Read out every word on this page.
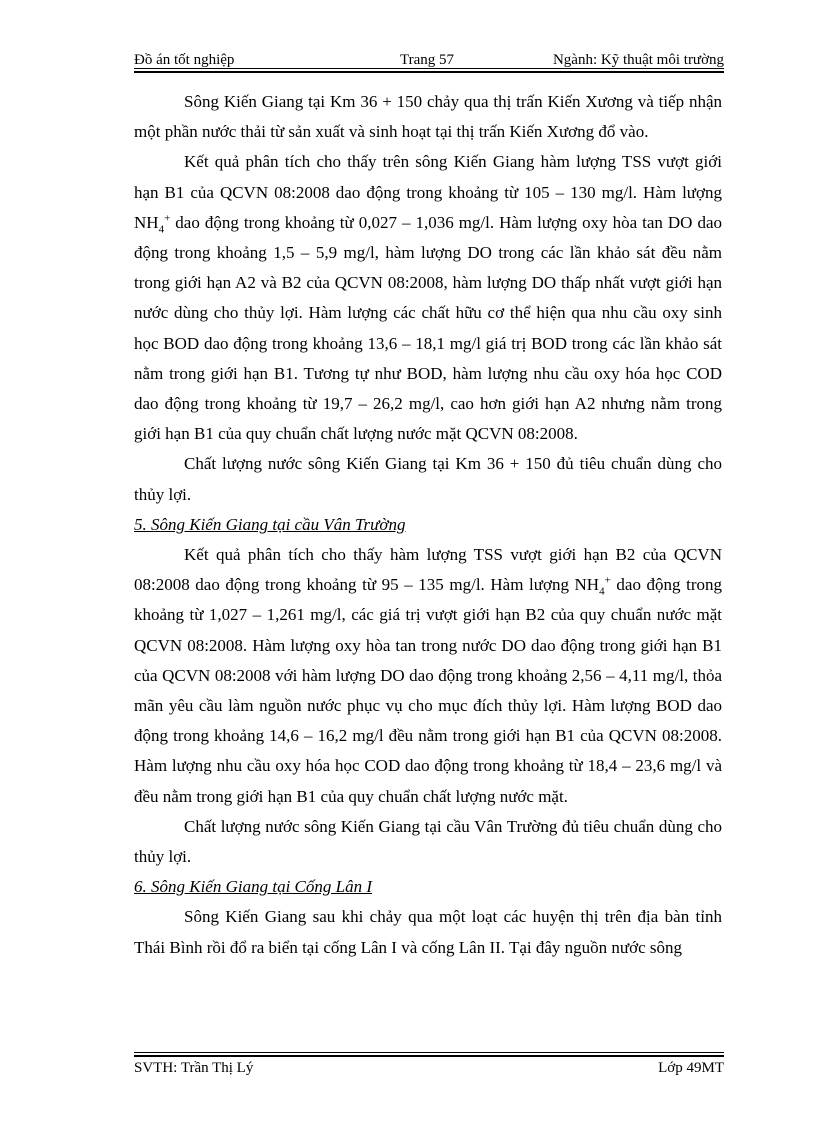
Đồ án tốt nghiệp	Trang 57	Ngành: Kỹ thuật môi trường

Sông Kiến Giang tại Km 36 + 150 chảy qua thị trấn Kiến Xương và tiếp nhận một phần nước thải từ sản xuất và sinh hoạt tại thị trấn Kiến Xương đổ vào.

Kết quả phân tích cho thấy trên sông Kiến Giang hàm lượng TSS vượt giới hạn B1 của QCVN 08:2008 dao động trong khoảng từ 105 – 130 mg/l. Hàm lượng $NH_4^+$ dao động trong khoảng từ 0,027 – 1,036 mg/l. Hàm lượng oxy hòa tan DO dao động trong khoảng 1,5 – 5,9 mg/l, hàm lượng DO trong các lần khảo sát đều nằm trong giới hạn A2 và B2 của QCVN 08:2008, hàm lượng DO thấp nhất vượt giới hạn nước dùng cho thủy lợi. Hàm lượng các chất hữu cơ thể hiện qua nhu cầu oxy sinh học BOD dao động trong khoảng 13,6 – 18,1 mg/l giá trị BOD trong các lần khảo sát nằm trong giới hạn B1. Tương tự như BOD, hàm lượng nhu cầu oxy hóa học COD dao động trong khoảng từ 19,7 – 26,2 mg/l, cao hơn giới hạn A2 nhưng nằm trong giới hạn B1 của quy chuẩn chất lượng nước mặt QCVN 08:2008.

Chất lượng nước sông Kiến Giang tại Km 36 + 150 đủ tiêu chuẩn dùng cho thủy lợi.

5. Sông Kiến Giang tại cầu Vân Trường

Kết quả phân tích cho thấy hàm lượng TSS vượt giới hạn B2 của QCVN 08:2008 dao động trong khoảng từ 95 – 135 mg/l. Hàm lượng $NH_4^+$ dao động trong khoảng từ 1,027 – 1,261 mg/l, các giá trị vượt giới hạn B2 của quy chuẩn nước mặt QCVN 08:2008. Hàm lượng oxy hòa tan trong nước DO dao động trong giới hạn B1 của QCVN 08:2008 với hàm lượng DO dao động trong khoảng 2,56 – 4,11 mg/l, thỏa mãn yêu cầu làm nguồn nước phục vụ cho mục đích thủy lợi. Hàm lượng BOD dao động trong khoảng 14,6 – 16,2 mg/l đều nằm trong giới hạn B1 của QCVN 08:2008. Hàm lượng nhu cầu oxy hóa học COD dao động trong khoảng từ 18,4 – 23,6 mg/l và đều nằm trong giới hạn B1 của quy chuẩn chất lượng nước mặt.

Chất lượng nước sông Kiến Giang tại cầu Vân Trường đủ tiêu chuẩn dùng cho thủy lợi.

6. Sông Kiến Giang tại Cống Lân I

Sông Kiến Giang sau khi chảy qua một loạt các huyện thị trên địa bàn tỉnh Thái Bình rồi đổ ra biển tại cống Lân I và cống Lân II. Tại đây nguồn nước sông

SVTH: Trần Thị Lý	Lớp 49MT
